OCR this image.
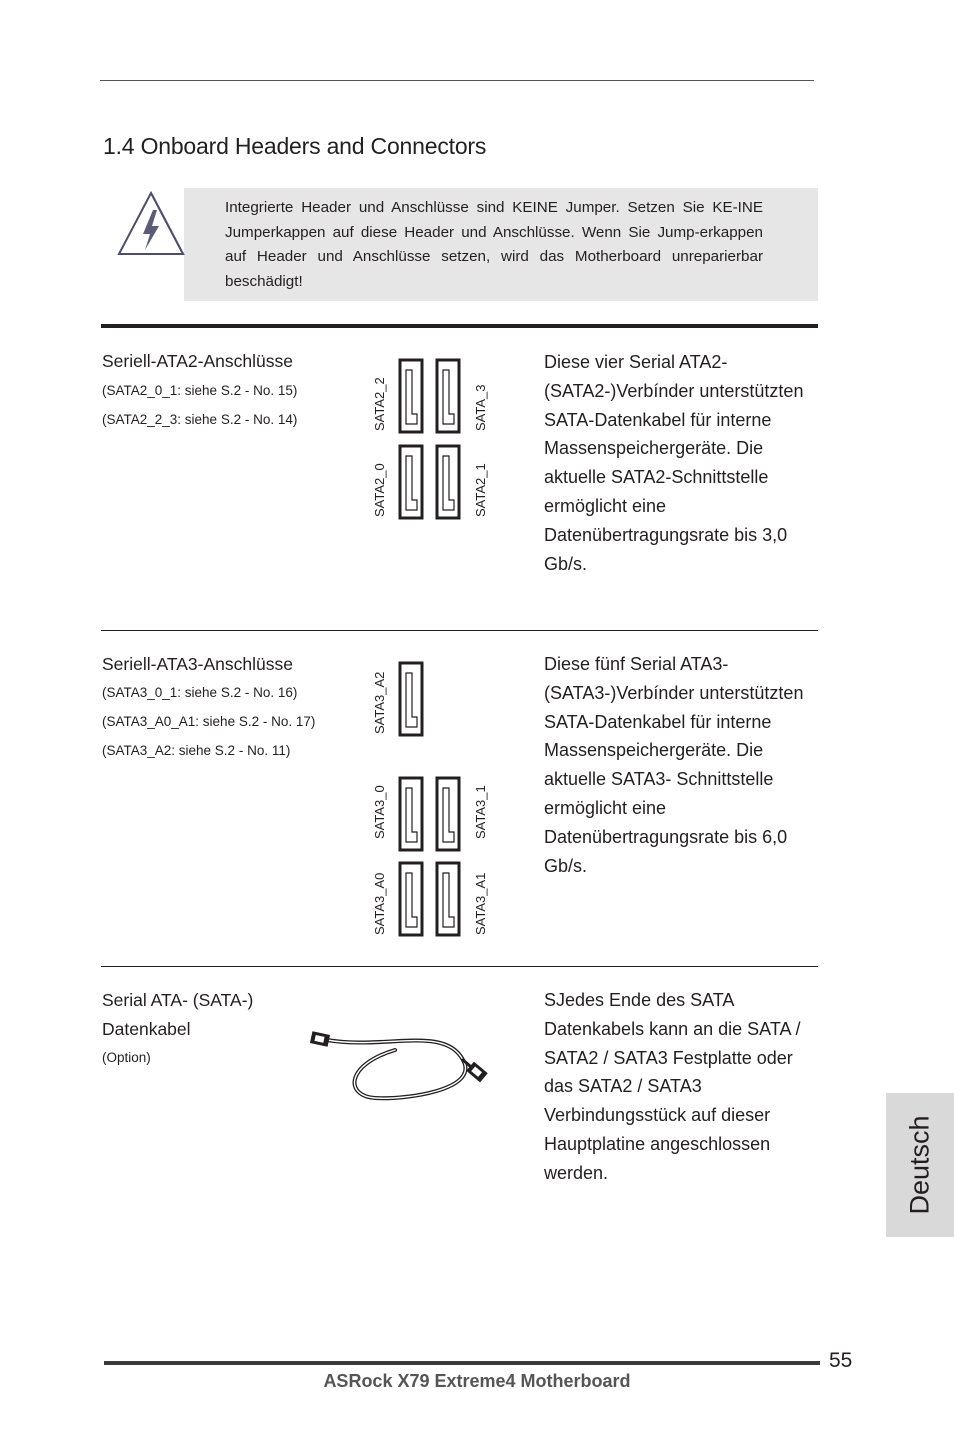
1.4 Onboard Headers and Connectors
Integrierte Header und Anschlüsse sind KEINE Jumper. Setzen Sie KE-INE Jumperkappen auf diese Header und Anschlüsse. Wenn Sie Jump-erkappen auf Header und Anschlüsse setzen, wird das Motherboard unreparierbar beschädigt!
Seriell-ATA2-Anschlüsse
(SATA2_0_1: siehe S.2 - No. 15)
(SATA2_2_3: siehe S.2 - No. 14)	SATA2_2	SATA_3
SATA2_0	SATA2_1
Diese vier Serial ATA2-(SATA2-)Verbínder unterstützten SATA-Datenkabel für interne Massenspeichergeräte. Die aktuelle SATA2-Schnittstelle ermöglicht eine Datenübertragungsrate bis 3,0 Gb/s.
Seriell-ATA3-Anschlüsse
(SATA3_0_1: siehe S.2 - No. 16)
(SATA3_A0_A1: siehe S.2 - No. 17)
(SATA3_A2: siehe S.2 - No. 11)
SATA3_A2
SATA3_0	SATA3_1
SATA3_A0	SATA3_A1
Diese fünf Serial ATA3-(SATA3-)Verbínder unterstützten SATA-Datenkabel für interne Massenspeichergeräte. Die aktuelle SATA3- Schnittstelle ermöglicht eine Datenübertragungsrate bis 6,0 Gb/s.
Serial ATA- (SATA-)
Datenkabel
(Option)
SJedes Ende des SATA Datenkabels kann an die SATA / SATA2 / SATA3 Festplatte oder das SATA2 / SATA3 Verbindungsstück auf dieser Hauptplatine angeschlossen werden.	Deutsch
55
ASRock X79 Extreme4 Motherboard
